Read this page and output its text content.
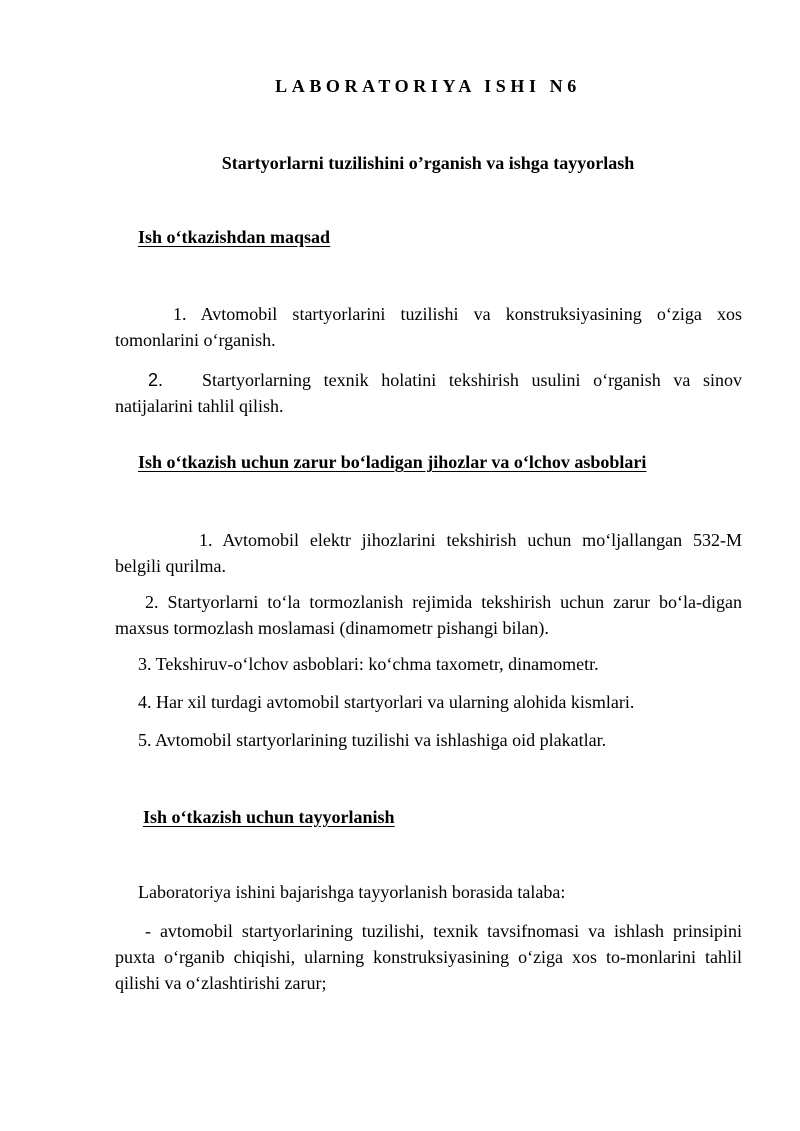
LABORATORIYA ISHI N6
Startyorlarni tuzilishini o’rganish va ishga tayyorlash
Ish o‘tkazishdan maqsad
1. Avtomobil startyorlarini tuzilishi va konstruksiyasining o‘ziga xos tomonlarini o‘rganish.
2. Startyorlarning texnik holatini tekshirish usulini o‘rganish va sinov natijalarini tahlil qilish.
Ish o‘tkazish uchun zarur bo‘ladigan jihozlar va o‘lchov asboblari
1. Avtomobil elektr jihozlarini tekshirish uchun mo‘ljallangan 532-M belgili qurilma.
2. Startyorlarni to‘la tormozlanish rejimida tekshirish uchun zarur bo‘la-digan maxsus tormozlash moslamasi (dinamometr pishangi bilan).
3. Tekshiruv-o‘lchov asboblari: ko‘chma taxometr, dinamometr.
4. Har xil turdagi avtomobil startyorlari va ularning alohida kismlari.
5. Avtomobil startyorlarining tuzilishi va ishlashiga oid plakatlar.
Ish o‘tkazish uchun tayyorlanish
Laboratoriya ishini bajarishga tayyorlanish borasida talaba:
- avtomobil startyorlarining tuzilishi, texnik tavsifnomasi va ishlash prinsipini puxta o‘rganib chiqishi, ularning konstruksiyasining o‘ziga xos to-monlarini tahlil qilishi va o‘zlashtirishi zarur;
